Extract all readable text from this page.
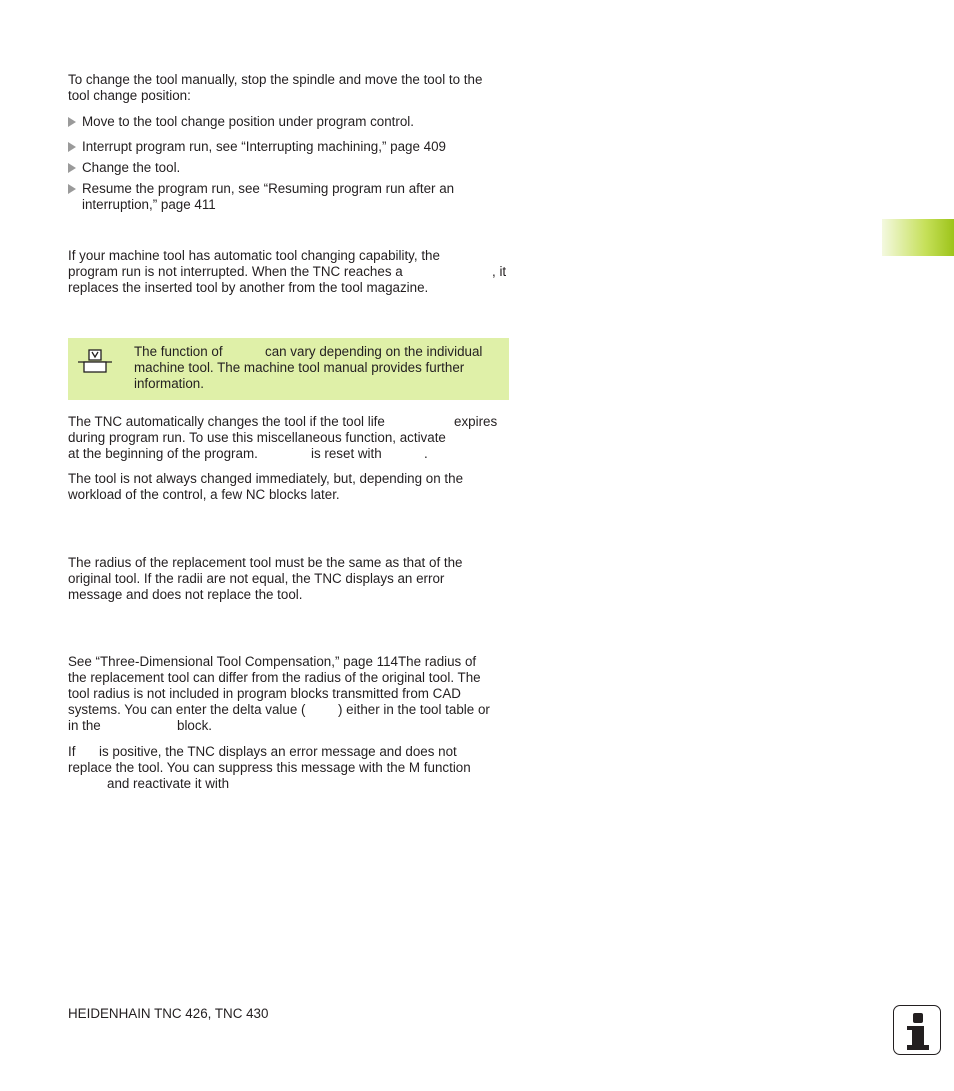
To change the tool manually, stop the spindle and move the tool to the
tool change position:
Move to the tool change position under program control.
Interrupt program run, see “Interrupting machining,” page 409
Change the tool.
Resume the program run, see “Resuming program run after an
interruption,” page 411
If your machine tool has automatic tool changing capability, the
program run is not interrupted. When the TNC reaches a	, it
replaces the inserted tool by another from the tool magazine.
The function of	can vary depending on the individual
machine tool. The machine tool manual provides further
information.
The TNC automatically changes the tool if the tool life	expires
during program run. To use this miscellaneous function, activate
at the beginning of the program.	is reset with	.
The tool is not always changed immediately, but, depending on the
workload of the control, a few NC blocks later.
The radius of the replacement tool must be the same as that of the
original tool. If the radii are not equal, the TNC displays an error
message and does not replace the tool.
See “Three-Dimensional Tool Compensation,” page 114The radius of
the replacement tool can differ from the radius of the original tool. The
tool radius is not included in program blocks transmitted from CAD
systems. You can enter the delta value ( ) either in the tool table or
in the	block.
If is positive, the TNC displays an error message and does not
replace the tool. You can suppress this message with the M function
and reactivate it with
HEIDENHAIN TNC 426, TNC 430
